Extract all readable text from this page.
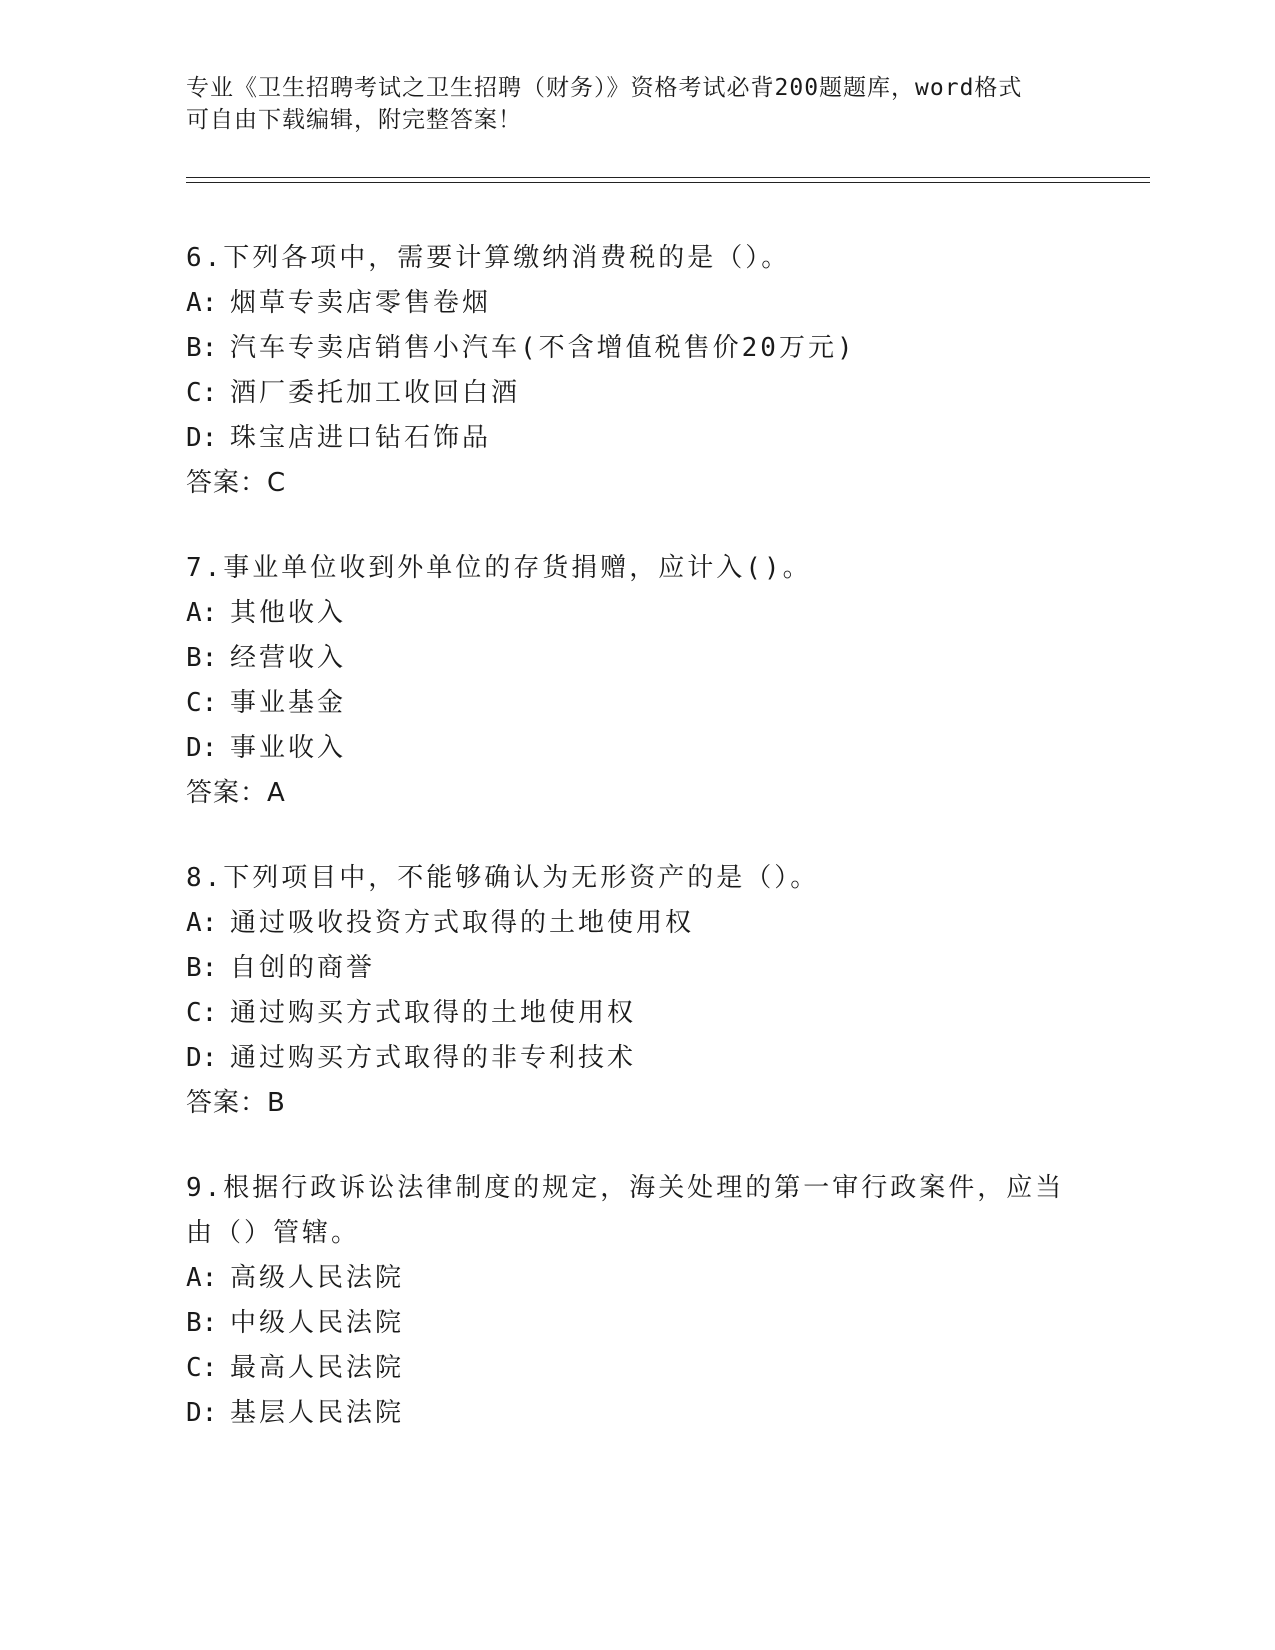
专业《卫生招聘考试之卫生招聘（财务）》资格考试必背200题题库，word格式

可自由下载编辑，附完整答案！

6.下列各项中，需要计算缴纳消费税的是（）。

A: 烟草专卖店零售卷烟

B: 汽车专卖店销售小汽车(不含增值税售价20万元)

C: 酒厂委托加工收回白酒

D: 珠宝店进口钻石饰品

答案：C

7.事业单位收到外单位的存货捐赠，应计入()。

A: 其他收入

B: 经营收入

C: 事业基金

D: 事业收入

答案：A

8.下列项目中，不能够确认为无形资产的是（）。

A: 通过吸收投资方式取得的土地使用权

B: 自创的商誉

C: 通过购买方式取得的土地使用权

D: 通过购买方式取得的非专利技术

答案：B

9.根据行政诉讼法律制度的规定，海关处理的第一审行政案件，应当由（）管辖。

A: 高级人民法院

B: 中级人民法院

C: 最高人民法院

D: 基层人民法院
